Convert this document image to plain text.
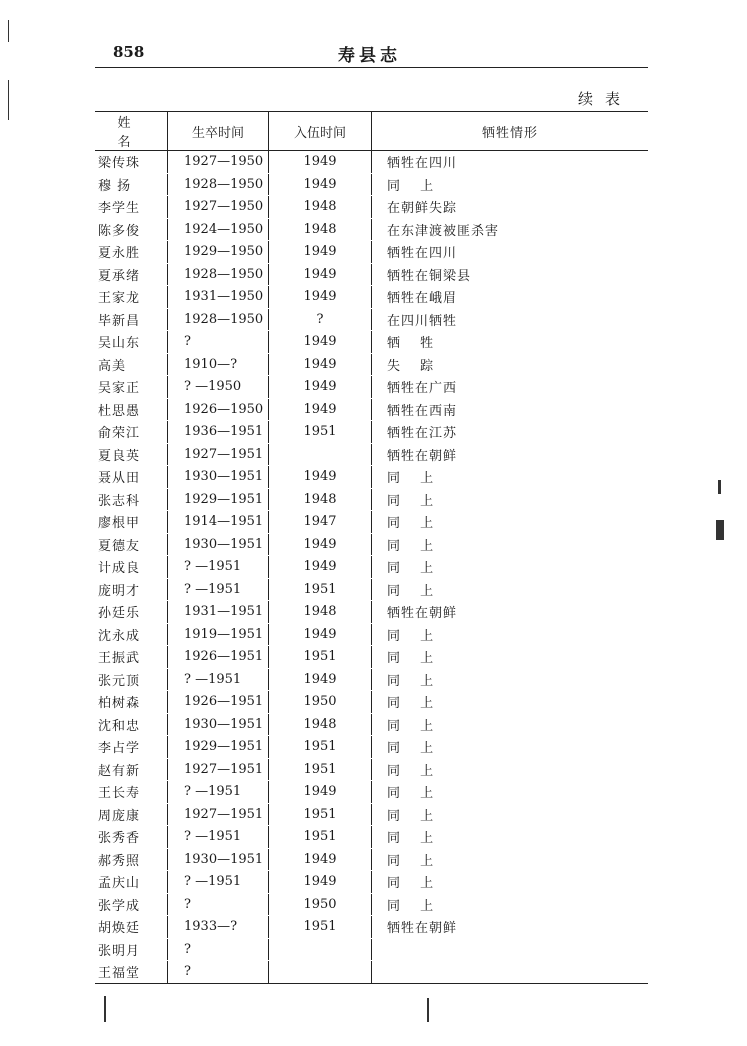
858	寿县志
续表
姓 名	生卒时间	入伍时间	牺牲情形
梁传珠	1927—1950	1949	牺牲在四川
穆 扬	1928—1950	1949	同　 上
李学生	1927—1950	1948	在朝鲜失踪
陈多俊	1924—1950	1948	在东津渡被匪杀害
夏永胜	1929—1950	1949	牺牲在四川
夏承绪	1928—1950	1949	牺牲在铜梁县
王家龙	1931—1950	1949	牺牲在峨眉
毕新昌	1928—1950	?	在四川牺牲
吴山东	?	1949	牺　 牲
高美	1910—?	1949	失　 踪
吴家正	? —1950	1949	牺牲在广西
杜思愚	1926—1950	1949	牺牲在西南
俞荣江	1936—1951	1951	牺牲在江苏
夏良英	1927—1951		牺牲在朝鲜
聂从田	1930—1951	1949	同　 上
张志科	1929—1951	1948	同　 上
廖根甲	1914—1951	1947	同　 上
夏德友	1930—1951	1949	同　 上
计成良	? —1951	1949	同　 上
庞明才	? —1951	1951	同　 上
孙廷乐	1931—1951	1948	牺牲在朝鲜
沈永成	1919—1951	1949	同　 上
王振武	1926—1951	1951	同　 上
张元顶	? —1951	1949	同　 上
柏树森	1926—1951	1950	同　 上
沈和忠	1930—1951	1948	同　 上
李占学	1929—1951	1951	同　 上
赵有新	1927—1951	1951	同　 上
王长寿	? —1951	1949	同　 上
周庞康	1927—1951	1951	同　 上
张秀香	? —1951	1951	同　 上
郝秀照	1930—1951	1949	同　 上
孟庆山	? —1951	1949	同　 上
张学成	?	1950	同　 上
胡焕廷	1933—?	1951	牺牲在朝鲜
张明月	?		
王福堂	?		
